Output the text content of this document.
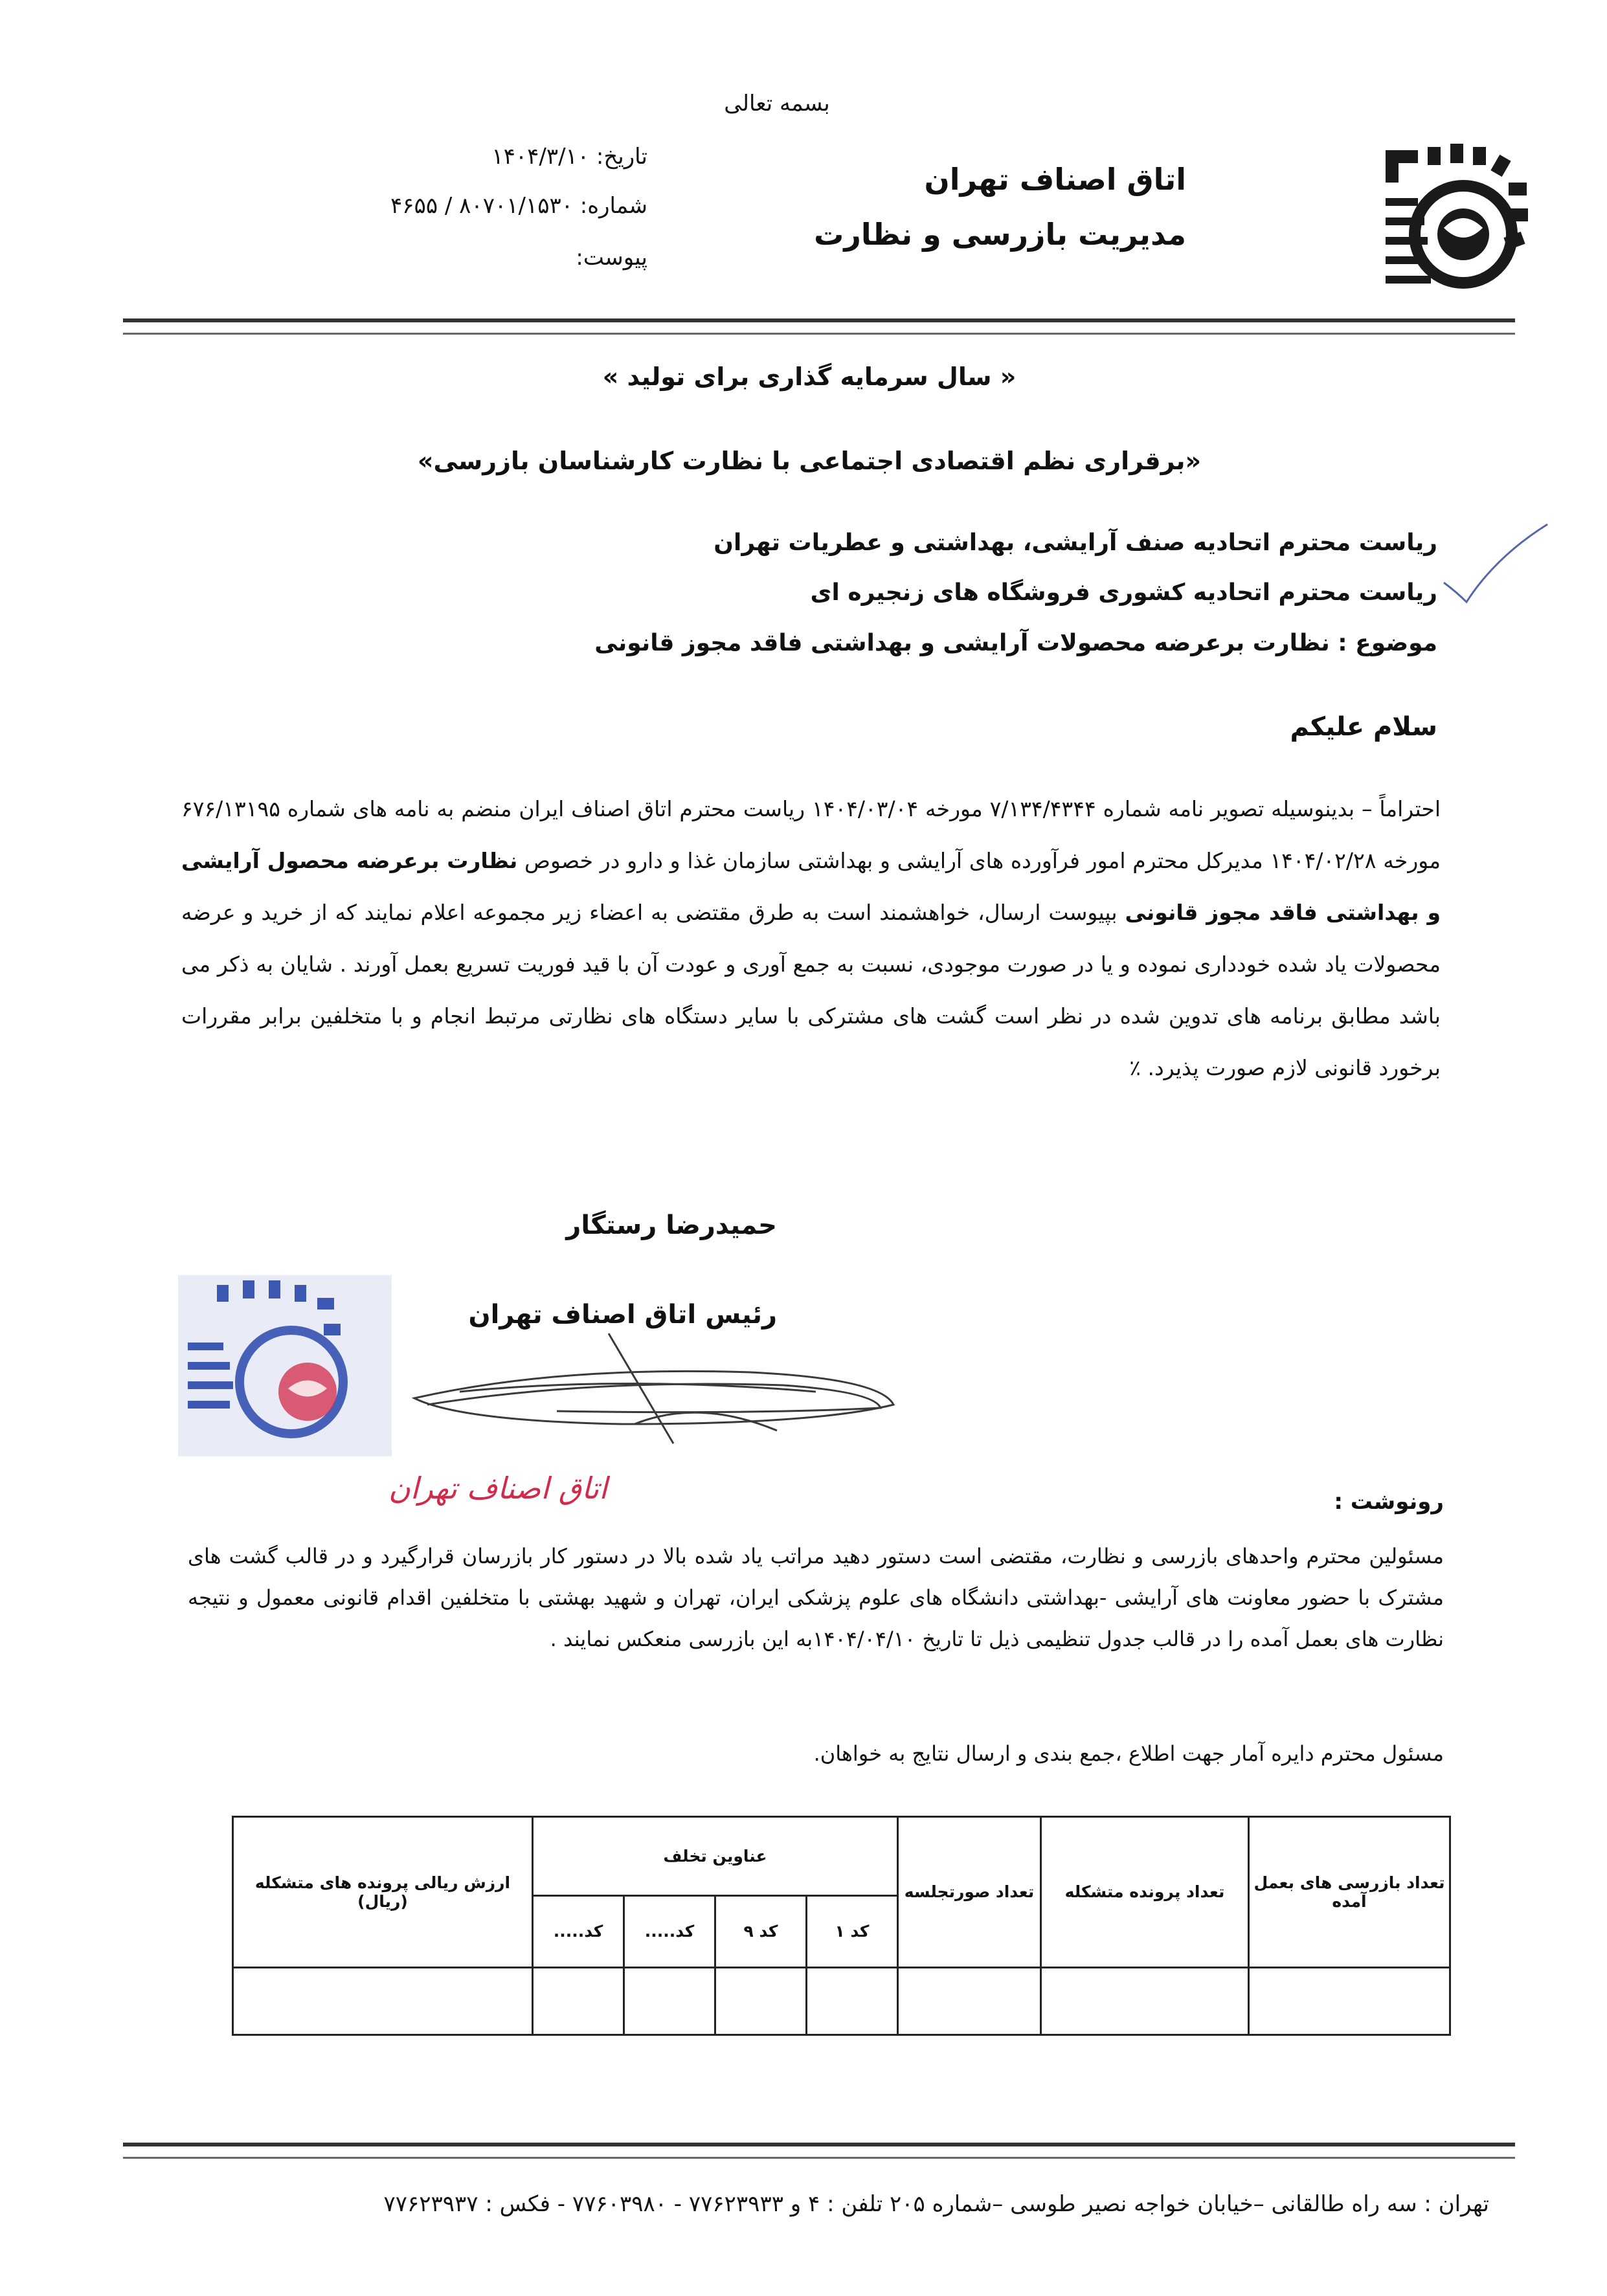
بسمه تعالی
اتاق اصناف تهران
مدیریت بازرسی و نظارت
تاریخ: ۱۴۰۴/۳/۱۰
شماره: ۸۰۷۰۱/۱۵۳۰ / ۴۶۵۵
پیوست:
« سال سرمایه گذاری برای تولید »
«برقراری نظم اقتصادی اجتماعی با نظارت کارشناسان بازرسی»
ریاست محترم اتحادیه صنف آرایشی، بهداشتی و عطریات تهران
ریاست محترم اتحادیه کشوری فروشگاه های زنجیره ای
موضوع : نظارت برعرضه محصولات آرایشی و بهداشتی فاقد مجوز قانونی
سلام علیکم
احتراماً – بدینوسیله تصویر نامه شماره ۷/۱۳۴/۴۳۴۴ مورخه ۱۴۰۴/۰۳/۰۴ ریاست محترم اتاق اصناف ایران منضم به نامه های شماره ۶۷۶/۱۳۱۹۵ مورخه ۱۴۰۴/۰۲/۲۸ مدیرکل محترم امور فرآورده های آرایشی و بهداشتی سازمان غذا و دارو در خصوص نظارت برعرضه محصول آرایشی و بهداشتی فاقد مجوز قانونی بپیوست ارسال، خواهشمند است به طرق مقتضی به اعضاء زیر مجموعه اعلام نمایند که از خرید و عرضه محصولات یاد شده خودداری نموده و یا در صورت موجودی، نسبت به جمع آوری و عودت آن با قید فوریت تسریع بعمل آورند . شایان به ذکر می باشد مطابق برنامه های تدوین شده در نظر است گشت های مشترکی با سایر دستگاه های نظارتی مرتبط انجام و با متخلفین برابر مقررات برخورد قانونی لازم صورت پذیرد. ٪
حمیدرضا رستگار
رئیس اتاق اصناف تهران
اتاق اصناف تهران	رونوشت :
مسئولین محترم واحدهای بازرسی و نظارت، مقتضی است دستور دهید مراتب یاد شده بالا در دستور کار بازرسان قرارگیرد و در قالب گشت های مشترک با حضور معاونت های آرایشی -بهداشتی دانشگاه های علوم پزشکی ایران، تهران و شهید بهشتی با متخلفین اقدام قانونی معمول و نتیجه نظارت های بعمل آمده را در قالب جدول تنظیمی ذیل تا تاریخ ۱۴۰۴/۰۴/۱۰به این بازرسی منعکس نمایند .
مسئول محترم دایره آمار جهت اطلاع ،جمع بندی و ارسال نتایج به خواهان.
تعداد بازرسی های بعمل آمده	تعداد پرونده متشکله	تعداد صورتجلسه	عناوین تخلف				ارزش ریالی پرونده های متشکله (ریال)
			کد ۱	کد ۹	کد.....	کد.....	

تهران : سه راه طالقانی –خیابان خواجه نصیر طوسی –شماره ۲۰۵ تلفن : ۴ و ۷۷۶۲۳۹۳۳ - ۷۷۶۰۳۹۸۰ - فکس : ۷۷۶۲۳۹۳۷
